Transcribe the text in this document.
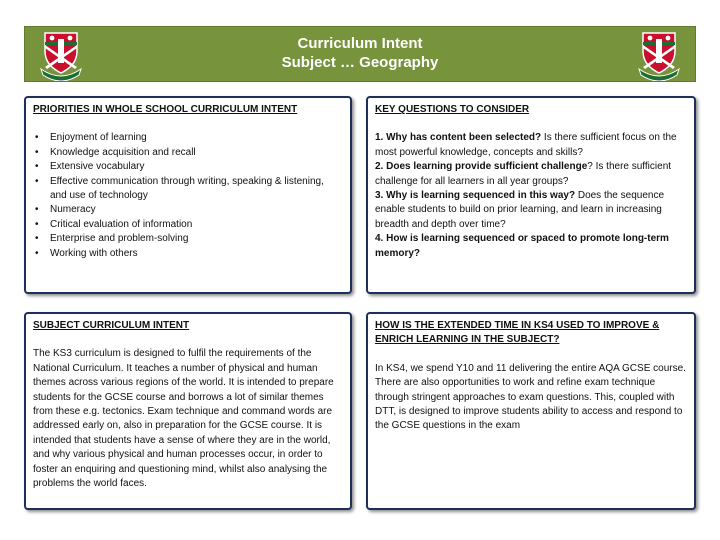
Curriculum Intent
Subject … Geography
PRIORITIES IN WHOLE SCHOOL CURRICULUM INTENT
• Enjoyment of learning
• Knowledge acquisition and recall
• Extensive vocabulary
• Effective communication through writing, speaking & listening, and use of technology
• Numeracy
• Critical evaluation of information
• Enterprise and problem-solving
• Working with others
KEY QUESTIONS TO CONSIDER
1. Why has content been selected? Is there sufficient focus on the most powerful knowledge, concepts and skills?
2. Does learning provide sufficient challenge? Is there sufficient challenge for all learners in all year groups?
3. Why is learning sequenced in this way? Does the sequence enable students to build on prior learning, and learn in increasing breadth and depth over time?
4. How is learning sequenced or spaced to promote long-term memory?
SUBJECT CURRICULUM INTENT

The KS3 curriculum is designed to fulfil the requirements of the National Curriculum. It teaches a number of physical and human themes across various regions of the world. It is intended to prepare students for the GCSE course and borrows a lot of similar themes from these e.g. tectonics. Exam technique and command words are addressed early on, also in preparation for the GCSE course. It is intended that students have a sense of where they are in the world, and why various physical and human processes occur, in order to foster an enquiring and questioning mind, whilst also analysing the problems the world faces.

HOW IS THE EXTENDED TIME IN KS4 USED TO IMPROVE & ENRICH LEARNING IN THE SUBJECT?

In KS4, we spend Y10 and 11 delivering the entire AQA GCSE course. There are also opportunities to work and refine exam technique through stringent approaches to exam questions. This, coupled with DTT, is designed to improve students ability to access and respond to the GCSE questions in the exam
